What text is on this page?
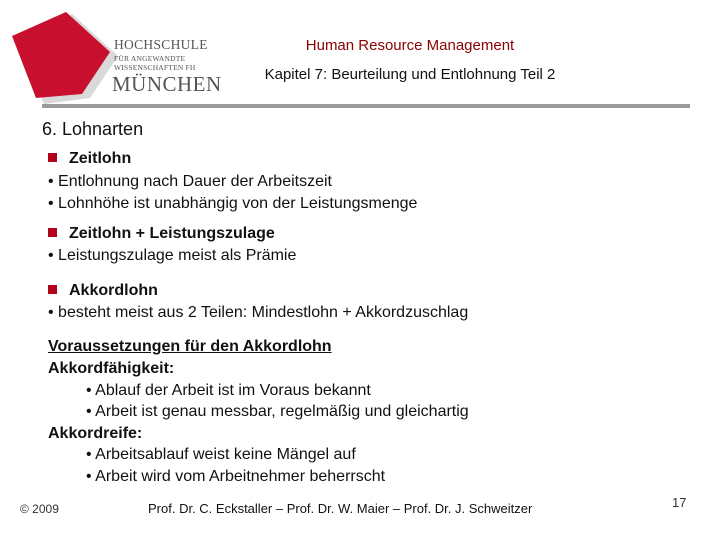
HOCHSCHULE
FÜR ANGEWANDTE
WISSENSCHAFTEN FH
MÜNCHEN
Human Resource Management
Kapitel 7: Beurteilung und Entlohnung Teil 2
6. Lohnarten
Zeitlohn
• Entlohnung nach Dauer der Arbeitszeit
• Lohnhöhe ist unabhängig von der Leistungsmenge
Zeitlohn + Leistungszulage
• Leistungszulage meist als Prämie
Akkordlohn
• besteht meist aus 2 Teilen: Mindestlohn + Akkordzuschlag
Voraussetzungen für den Akkordlohn
Akkordfähigkeit:
• Ablauf der Arbeit ist im Voraus bekannt
• Arbeit ist genau messbar, regelmäßig und gleichartig
Akkordreife:
• Arbeitsablauf weist keine Mängel auf
• Arbeit wird vom Arbeitnehmer beherrscht
© 2009	Prof. Dr. C. Eckstaller – Prof. Dr. W. Maier – Prof. Dr. J. Schweitzer	17
